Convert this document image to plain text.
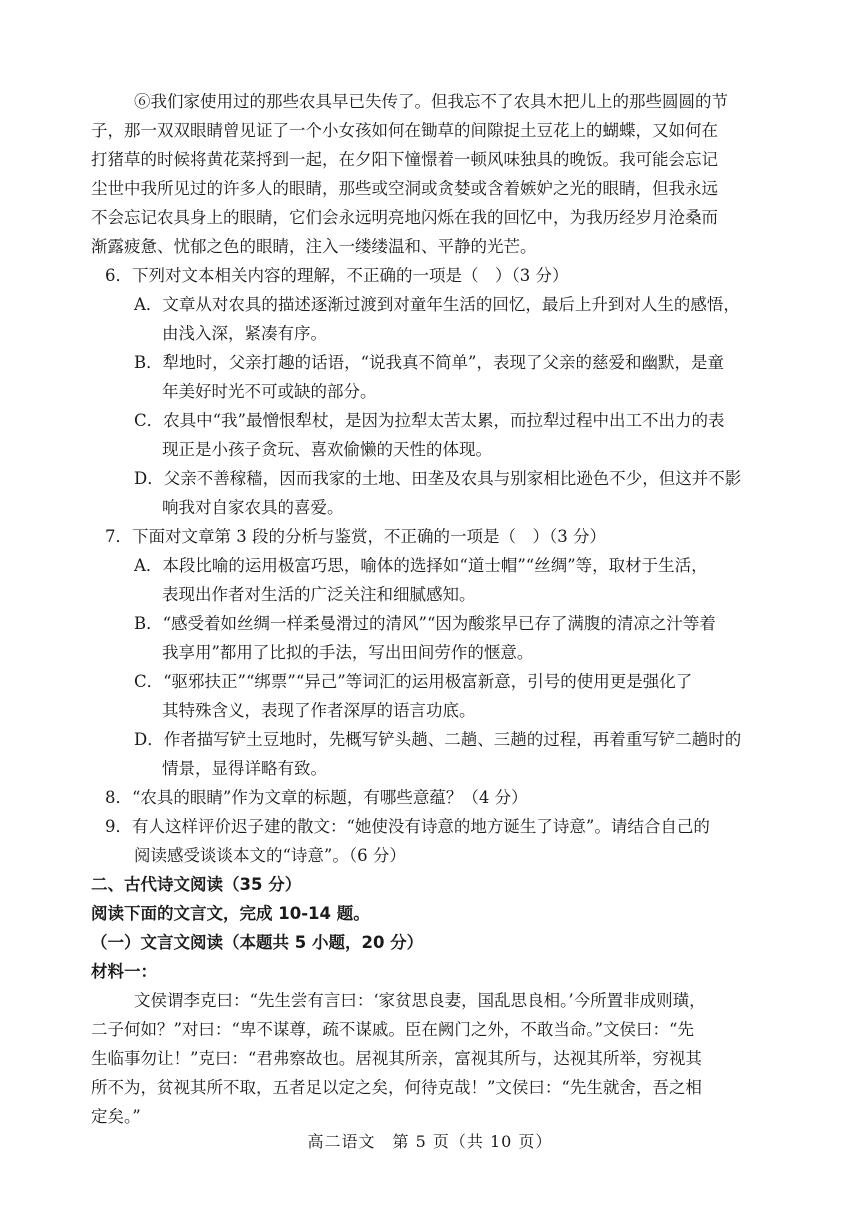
⑥我们家使用过的那些农具早已失传了。但我忘不了农具木把儿上的那些圆圆的节
子，那一双双眼睛曾见证了一个小女孩如何在锄草的间隙捉土豆花上的蝴蝶，又如何在
打猪草的时候将黄花菜捋到一起，在夕阳下憧憬着一顿风味独具的晚饭。我可能会忘记
尘世中我所见过的许多人的眼睛，那些或空洞或贪婪或含着嫉妒之光的眼睛，但我永远
不会忘记农具身上的眼睛，它们会永远明亮地闪烁在我的回忆中，为我历经岁月沧桑而
渐露疲惫、忧郁之色的眼睛，注入一缕缕温和、平静的光芒。
6．下列对文本相关内容的理解，不正确的一项是（　）（3 分）
A．文章从对农具的描述逐渐过渡到对童年生活的回忆，最后上升到对人生的感悟，
由浅入深，紧凑有序。
B．犁地时，父亲打趣的话语，“说我真不简单”，表现了父亲的慈爱和幽默，是童
年美好时光不可或缺的部分。
C．农具中“我”最憎恨犁杖，是因为拉犁太苦太累，而拉犁过程中出工不出力的表
现正是小孩子贪玩、喜欢偷懒的天性的体现。
D．父亲不善稼穑，因而我家的土地、田垄及农具与别家相比逊色不少，但这并不影
响我对自家农具的喜爱。
7．下面对文章第 3 段的分析与鉴赏，不正确的一项是（　）（3 分）
A．本段比喻的运用极富巧思，喻体的选择如“道士帽”“丝绸”等，取材于生活，
表现出作者对生活的广泛关注和细腻感知。
B．“感受着如丝绸一样柔曼滑过的清风”“因为酸浆早已存了满腹的清凉之汁等着
我享用”都用了比拟的手法，写出田间劳作的惬意。
C．“驱邪扶正”“绑票”“异己”等词汇的运用极富新意，引号的使用更是强化了
其特殊含义，表现了作者深厚的语言功底。
D．作者描写铲土豆地时，先概写铲头趟、二趟、三趟的过程，再着重写铲二趟时的
情景，显得详略有致。
8．“农具的眼睛”作为文章的标题，有哪些意蕴？（4 分）
9．有人这样评价迟子建的散文：“她使没有诗意的地方诞生了诗意”。请结合自己的
阅读感受谈谈本文的“诗意”。（6 分）
二、古代诗文阅读（35 分）
阅读下面的文言文，完成 10-14 题。
（一）文言文阅读（本题共 5 小题，20 分）
材料一：
文侯谓李克曰：“先生尝有言曰：‘家贫思良妻，国乱思良相。’今所置非成则璜，
二子何如？”对曰：“卑不谋尊，疏不谋戚。臣在阙门之外，不敢当命。”文侯曰：“先
生临事勿让！”克曰：“君弗察故也。居视其所亲，富视其所与，达视其所举，穷视其
所不为，贫视其所不取，五者足以定之矣，何待克哉！”文侯曰：“先生就舍，吾之相
定矣。”
高二语文　第 5 页（共 10 页）
